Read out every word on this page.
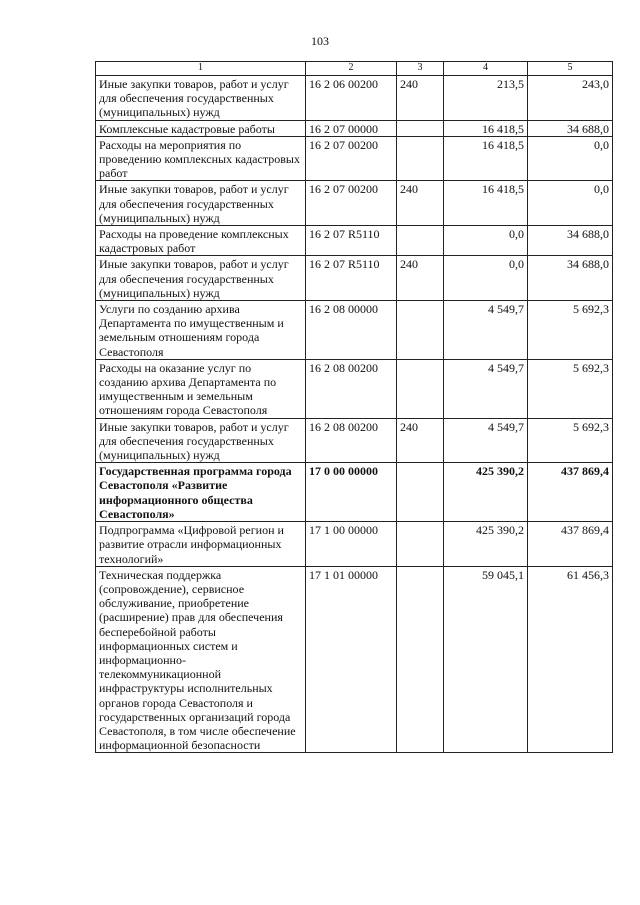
103
1	2	3	4	5
Иные закупки товаров, работ и услуг для обеспечения государственных (муниципальных) нужд	16 2 06 00200	240	213,5	243,0
Комплексные кадастровые работы	16 2 07 00000		16 418,5	34 688,0
Расходы на мероприятия по проведению комплексных кадастровых работ	16 2 07 00200		16 418,5	0,0
Иные закупки товаров, работ и услуг для обеспечения государственных (муниципальных) нужд	16 2 07 00200	240	16 418,5	0,0
Расходы на проведение комплексных кадастровых работ	16 2 07 R5110		0,0	34 688,0
Иные закупки товаров, работ и услуг для обеспечения государственных (муниципальных) нужд	16 2 07 R5110	240	0,0	34 688,0
Услуги по созданию архива Департамента по имущественным и земельным отношениям города Севастополя	16 2 08 00000		4 549,7	5 692,3
Расходы на оказание услуг по созданию архива Департамента по имущественным и земельным отношениям города Севастополя	16 2 08 00200		4 549,7	5 692,3
Иные закупки товаров, работ и услуг для обеспечения государственных (муниципальных) нужд	16 2 08 00200	240	4 549,7	5 692,3
Государственная программа города Севастополя «Развитие информационного общества Севастополя»	17 0 00 00000		425 390,2	437 869,4
Подпрограмма «Цифровой регион и развитие отрасли информационных технологий»	17 1 00 00000		425 390,2	437 869,4
Техническая поддержка (сопровождение), сервисное обслуживание, приобретение (расширение) прав для обеспечения бесперебойной работы информационных систем и информационно-телекоммуникационной инфраструктуры исполнительных органов города Севастополя и государственных организаций города Севастополя, в том числе обеспечение информационной безопасности	17 1 01 00000		59 045,1	61 456,3
